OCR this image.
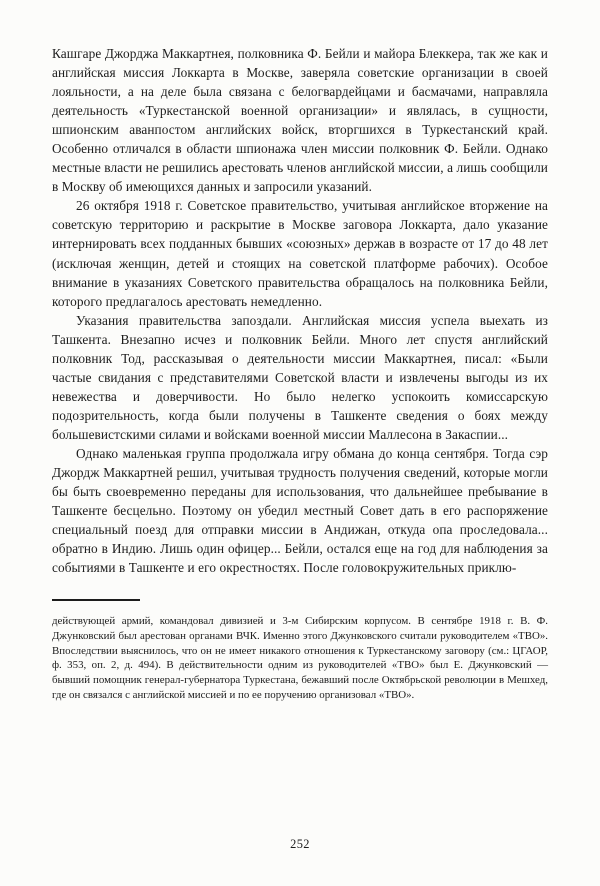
Кашгаре Джорджа Маккартнея, полковника Ф. Бейли и майора Блеккера, так же как и английская миссия Локкарта в Москве, заверяла советские организации в своей лояльности, а на деле была связана с белогвардейцами и басмачами, направляла деятельность «Туркестанской военной организации» и являлась, в сущности, шпионским аванпостом английских войск, вторгшихся в Туркестанский край. Особенно отличался в области шпионажа член миссии полковник Ф. Бейли. Однако местные власти не решились арестовать членов английской миссии, а лишь сообщили в Москву об имеющихся данных и запросили указаний.

26 октября 1918 г. Советское правительство, учитывая английское вторжение на советскую территорию и раскрытие в Москве заговора Локкарта, дало указание интернировать всех подданных бывших «союзных» держав в возрасте от 17 до 48 лет (исключая женщин, детей и стоящих на советской платформе рабочих). Особое внимание в указаниях Советского правительства обращалось на полковника Бейли, которого предлагалось арестовать немедленно.

Указания правительства запоздали. Английская миссия успела выехать из Ташкента. Внезапно исчез и полковник Бейли. Много лет спустя английский полковник Тод, рассказывая о деятельности миссии Маккартнея, писал: «Были частые свидания с представителями Советской власти и извлечены выгоды из их невежества и доверчивости. Но было нелегко успокоить комиссарскую подозрительность, когда были получены в Ташкенте сведения о боях между большевистскими силами и войсками военной миссии Маллесона в Закаспии...

Однако маленькая группа продолжала игру обмана до конца сентября. Тогда сэр Джордж Маккартней решил, учитывая трудность получения сведений, которые могли бы быть своевременно переданы для использования, что дальнейшее пребывание в Ташкенте бесцельно. Поэтому он убедил местный Совет дать в его распоряжение специальный поезд для отправки миссии в Андижан, откуда опа проследовала... обратно в Индию. Лишь один офицер... Бейли, остался еще на год для наблюдения за событиями в Ташкенте и его окрестностях. После головокружительных приклю-

действующей армий, командовал дивизией и 3-м Сибирским корпусом. В сентябре 1918 г. В. Ф. Джунковский был арестован органами ВЧК. Именно этого Джунковского считали руководителем «ТВО». Впоследствии выяснилось, что он не имеет никакого отношения к Туркестанскому заговору (см.: ЦГАОР, ф. 353, оп. 2, д. 494). В действительности одним из руководителей «ТВО» был Е. Джунковский — бывший помощник генерал-губернатора Туркестана, бежавший после Октябрьской революции в Мешхед, где он связался с английской миссией и по ее поручению организовал «ТВО».

252
